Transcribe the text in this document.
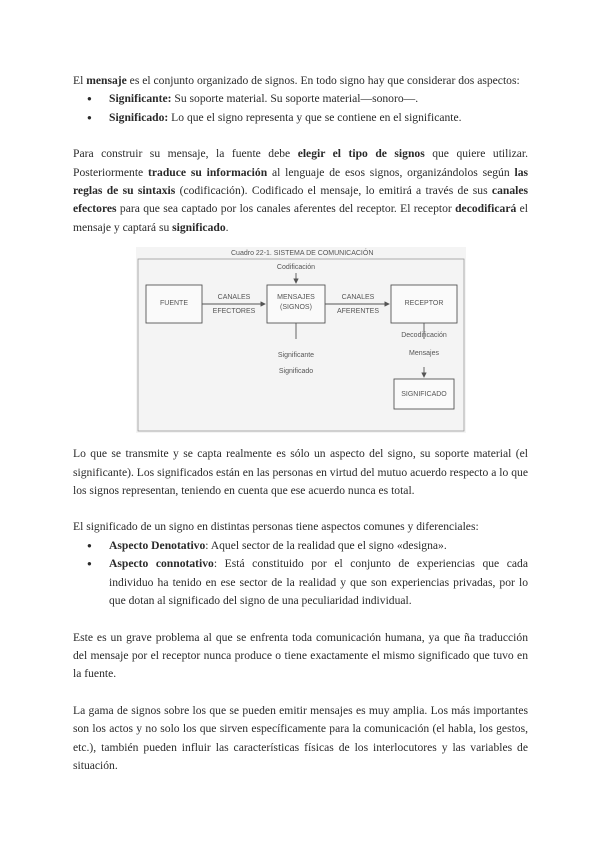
El mensaje es el conjunto organizado de signos. En todo signo hay que considerar dos aspectos:

● Significante: Su soporte material. Su soporte material—sonoro—.
● Significado: Lo que el signo representa y que se contiene en el significante.

Para construir su mensaje, la fuente debe elegir el tipo de signos que quiere utilizar. Posteriormente traduce su información al lenguaje de esos signos, organizándolos según las reglas de su sintaxis (codificación). Codificado el mensaje, lo emitirá a través de sus canales efectores para que sea captado por los canales aferentes del receptor. El receptor decodificará el mensaje y captará su significado.

Cuadro 22-1. SISTEMA DE COMUNICACIÓN
FUENTE
CANALES
EFECTORES
MENSAJES
(SIGNOS)
CANALES
AFERENTES
RECEPTOR
Codificación
Decodificación
Mensajes
Significante
Significado
SIGNIFICADO

Lo que se transmite y se capta realmente es sólo un aspecto del signo, su soporte material (el significante). Los significados están en las personas en virtud del mutuo acuerdo respecto a lo que los signos representan, teniendo en cuenta que ese acuerdo nunca es total.

El significado de un signo en distintas personas tiene aspectos comunes y diferenciales:

● Aspecto Denotativo: Aquel sector de la realidad que el signo «designa».
● Aspecto connotativo: Está constituido por el conjunto de experiencias que cada individuo ha tenido en ese sector de la realidad y que son experiencias privadas, por lo que dotan al significado del signo de una peculiaridad individual.

Este es un grave problema al que se enfrenta toda comunicación humana, ya que ña traducción del mensaje por el receptor nunca produce o tiene exactamente el mismo significado que tuvo en la fuente.

La gama de signos sobre los que se pueden emitir mensajes es muy amplia. Los más importantes son los actos y no solo los que sirven específicamente para la comunicación (el habla, los gestos, etc.), también pueden influir las características físicas de los interlocutores y las variables de situación.
